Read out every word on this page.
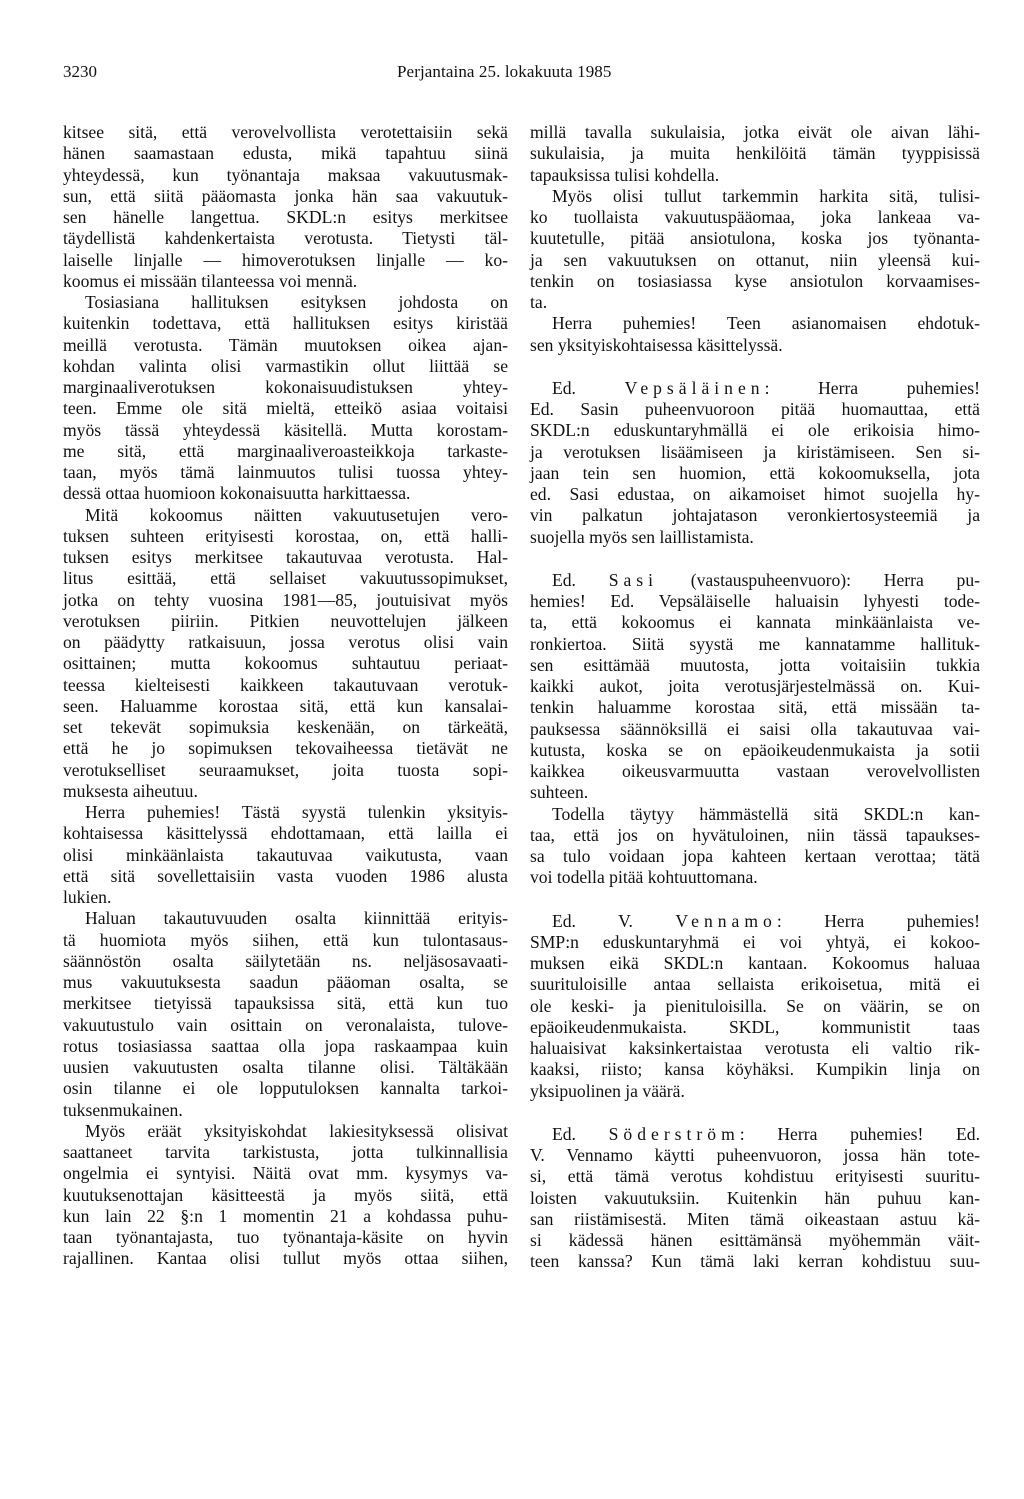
3230	Perjantaina 25. lokakuuta 1985
kitsee sitä, että verovelvollista verotettaisiin sekä
hänen saamastaan edusta, mikä tapahtuu siinä
yhteydessä, kun työnantaja maksaa vakuutusmak-
sun, että siitä pääomasta jonka hän saa vakuutuk-
sen hänelle langettua. SKDL:n esitys merkitsee
täydellistä kahdenkertaista verotusta. Tietysti täl-
laiselle linjalle — himoverotuksen linjalle — ko-
koomus ei missään tilanteessa voi mennä.
Tosiasiana hallituksen esityksen johdosta on
kuitenkin todettava, että hallituksen esitys kiristää
meillä verotusta. Tämän muutoksen oikea ajan-
kohdan valinta olisi varmastikin ollut liittää se
marginaaliverotuksen kokonaisuudistuksen yhtey-
teen. Emme ole sitä mieltä, etteikö asiaa voitaisi
myös tässä yhteydessä käsitellä. Mutta korostam-
me sitä, että marginaaliveroasteikkoja tarkaste-
taan, myös tämä lainmuutos tulisi tuossa yhtey-
dessä ottaa huomioon kokonaisuutta harkittaessa.
Mitä kokoomus näitten vakuutusetujen vero-
tuksen suhteen erityisesti korostaa, on, että halli-
tuksen esitys merkitsee takautuvaa verotusta. Hal-
litus esittää, että sellaiset vakuutussopimukset,
jotka on tehty vuosina 1981—85, joutuisivat myös
verotuksen piiriin. Pitkien neuvottelujen jälkeen
on päädytty ratkaisuun, jossa verotus olisi vain
osittainen; mutta kokoomus suhtautuu periaat-
teessa kielteisesti kaikkeen takautuvaan verotuk-
seen. Haluamme korostaa sitä, että kun kansalai-
set tekevät sopimuksia keskenään, on tärkeätä,
että he jo sopimuksen tekovaiheessa tietävät ne
verotukselliset seuraamukset, joita tuosta sopi-
muksesta aiheutuu.
Herra puhemies! Tästä syystä tulenkin yksityis-
kohtaisessa käsittelyssä ehdottamaan, että lailla ei
olisi minkäänlaista takautuvaa vaikutusta, vaan
että sitä sovellettaisiin vasta vuoden 1986 alusta
lukien.
Haluan takautuvuuden osalta kiinnittää erityis-
tä huomiota myös siihen, että kun tulontasaus-
säännöstön osalta säilytetään ns. neljäsosavaati-
mus vakuutuksesta saadun pääoman osalta, se
merkitsee tietyissä tapauksissa sitä, että kun tuo
vakuutustulo vain osittain on veronalaista, tulove-
rotus tosiasiassa saattaa olla jopa raskaampaa kuin
uusien vakuutusten osalta tilanne olisi. Tältäkään
osin tilanne ei ole lopputuloksen kannalta tarkoi-
tuksenmukainen.
Myös eräät yksityiskohdat lakiesityksessä olisivat
saattaneet tarvita tarkistusta, jotta tulkinnallisia
ongelmia ei syntyisi. Näitä ovat mm. kysymys va-
kuutuksenottajan käsitteestä ja myös siitä, että
kun lain 22 §:n 1 momentin 21 a kohdassa puhu-
taan työnantajasta, tuo työnantaja-käsite on hyvin
rajallinen. Kantaa olisi tullut myös ottaa siihen,
millä tavalla sukulaisia, jotka eivät ole aivan lähi-
sukulaisia, ja muita henkilöitä tämän tyyppisissä
tapauksissa tulisi kohdella.
Myös olisi tullut tarkemmin harkita sitä, tulisi-
ko tuollaista vakuutuspääomaa, joka lankeaa va-
kuutetulle, pitää ansiotulona, koska jos työnanta-
ja sen vakuutuksen on ottanut, niin yleensä kui-
tenkin on tosiasiassa kyse ansiotulon korvaamises-
ta.
Herra puhemies! Teen asianomaisen ehdotuk-
sen yksityiskohtaisessa käsittelyssä.
Ed. Vepsäläinen: Herra puhemies!
Ed. Sasin puheenvuoroon pitää huomauttaa, että
SKDL:n eduskuntaryhmällä ei ole erikoisia himo-
ja verotuksen lisäämiseen ja kiristämiseen. Sen si-
jaan tein sen huomion, että kokoomuksella, jota
ed. Sasi edustaa, on aikamoiset himot suojella hy-
vin palkatun johtajatason veronkiertosysteemiä ja
suojella myös sen laillistamista.
Ed. Sasi (vastauspuheenvuoro): Herra pu-
hemies! Ed. Vepsäläiselle haluaisin lyhyesti tode-
ta, että kokoomus ei kannata minkäänlaista ve-
ronkiertoa. Siitä syystä me kannatamme hallituk-
sen esittämää muutosta, jotta voitaisiin tukkia
kaikki aukot, joita verotusjärjestelmässä on. Kui-
tenkin haluamme korostaa sitä, että missään ta-
pauksessa säännöksillä ei saisi olla takautuvaa vai-
kutusta, koska se on epäoikeudenmukaista ja sotii
kaikkea oikeusvarmuutta vastaan verovelvollisten
suhteen.
Todella täytyy hämmästellä sitä SKDL:n kan-
taa, että jos on hyvätuloinen, niin tässä tapaukses-
sa tulo voidaan jopa kahteen kertaan verottaa; tätä
voi todella pitää kohtuuttomana.
Ed. V. Vennamo: Herra puhemies!
SMP:n eduskuntaryhmä ei voi yhtyä, ei kokoo-
muksen eikä SKDL:n kantaan. Kokoomus haluaa
suurituloisille antaa sellaista erikoisetua, mitä ei
ole keski- ja pienituloisilla. Se on väärin, se on
epäoikeudenmukaista. SKDL, kommunistit taas
haluaisivat kaksinkertaistaa verotusta eli valtio rik-
kaaksi, riisto; kansa köyhäksi. Kumpikin linja on
yksipuolinen ja väärä.
Ed. Söderström: Herra puhemies! Ed.
V. Vennamo käytti puheenvuoron, jossa hän totе-
si, että tämä verotus kohdistuu erityisesti suuritu-
loisten vakuutuksiin. Kuitenkin hän puhuu kan-
san riistämisestä. Miten tämä oikeastaan astuu kä-
si kädessä hänen esittämänsä myöhemmän väit-
teen kanssa? Kun tämä laki kerran kohdistuu suu-
